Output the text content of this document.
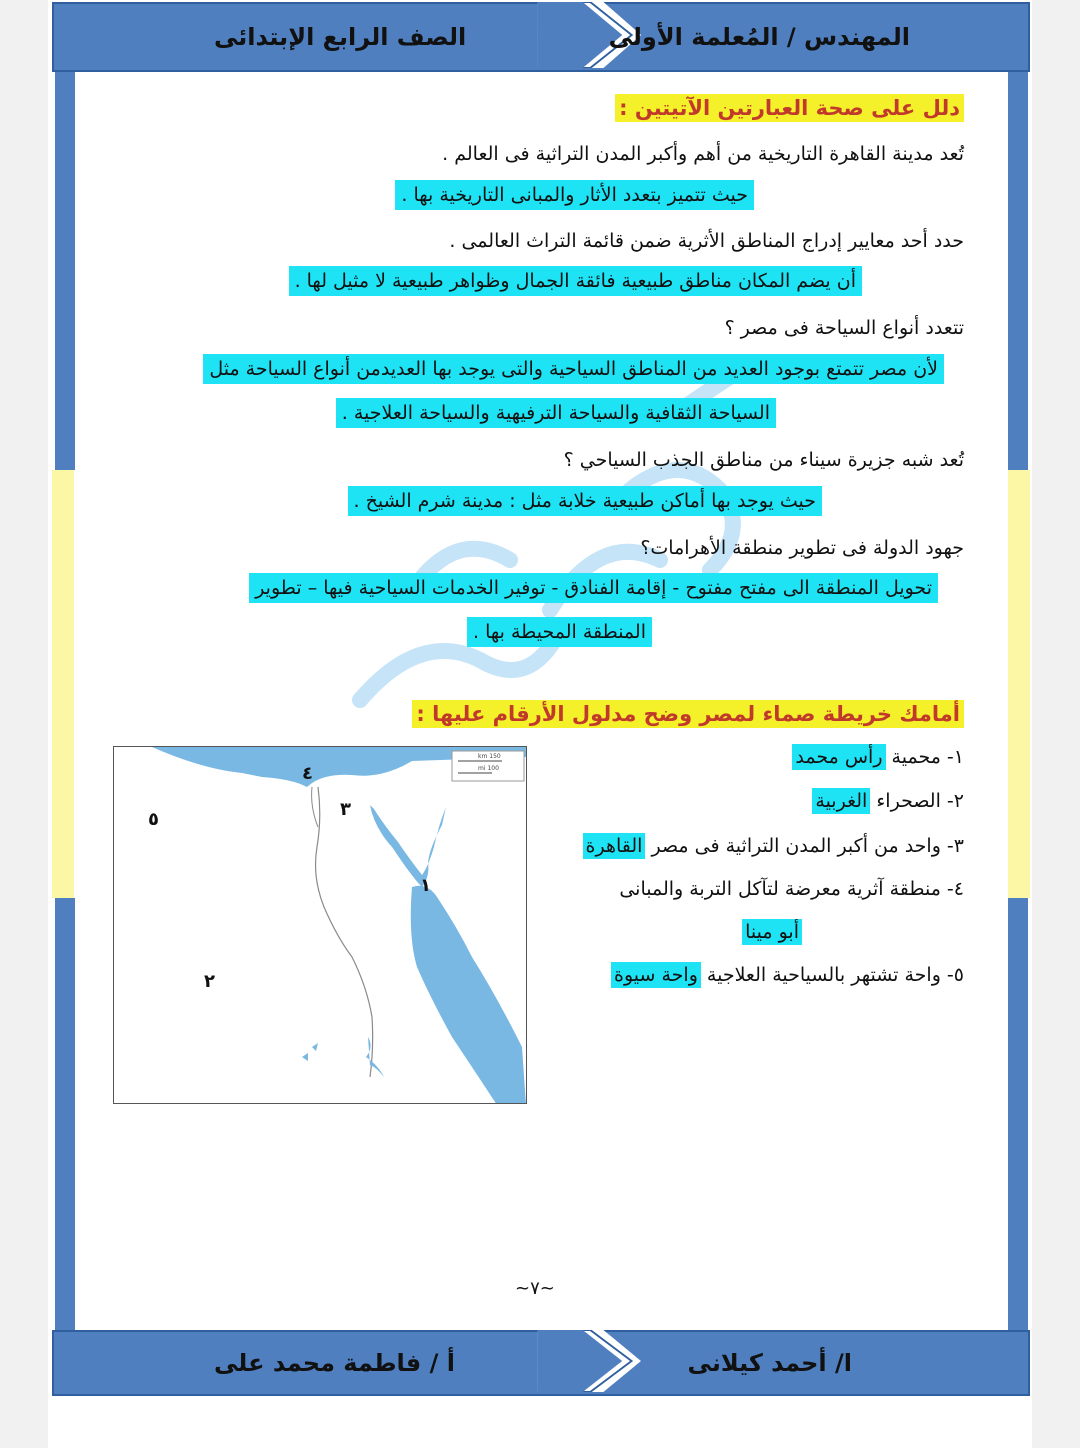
المهندس / المُعلمة الأولى
الصف الرابع الإبتدائى
دلل على صحة العبارتين الآتيتين :
تُعد مدينة القاهرة التاريخية من أهم وأكبر المدن التراثية فى العالم .
حيث تتميز بتعدد الأثار والمبانى التاريخية بها .
حدد أحد معايير إدراج المناطق الأثرية ضمن قائمة التراث العالمى .
أن يضم المكان مناطق طبيعية فائقة الجمال وظواهر طبيعية لا مثيل لها .
تتعدد أنواع السياحة فى مصر ؟
لأن مصر تتمتع بوجود العديد من المناطق السياحية والتى يوجد بها العديدمن أنواع السياحة مثل
السياحة الثقافية والسياحة الترفيهية والسياحة العلاجية .
تُعد شبه جزيرة سيناء من مناطق الجذب السياحي ؟
حيث يوجد بها أماكن طبيعية خلابة مثل : مدينة شرم الشيخ .
جهود الدولة فى تطوير منطقة الأهرامات؟
تحويل المنطقة الى مفتح مفتوح - إقامة الفنادق - توفير الخدمات السياحية فيها – تطوير
المنطقة المحيطة بها .
أمامك خريطة صماء لمصر وضح مدلول الأرقام عليها :
١- محمية رأس محمد
٢- الصحراء الغربية
٣- واحد من أكبر المدن التراثية فى مصر القاهرة
٤- منطقة آثرية معرضة لتآكل التربة والمبانى
أبو مينا
٥- واحة تشتهر بالسياحية العلاجية واحة سيوة
٤
٣
٥
١
٢
150 km
100 mi
~٧~
ا/ أحمد كيلانى
أ / فاطمة محمد على
